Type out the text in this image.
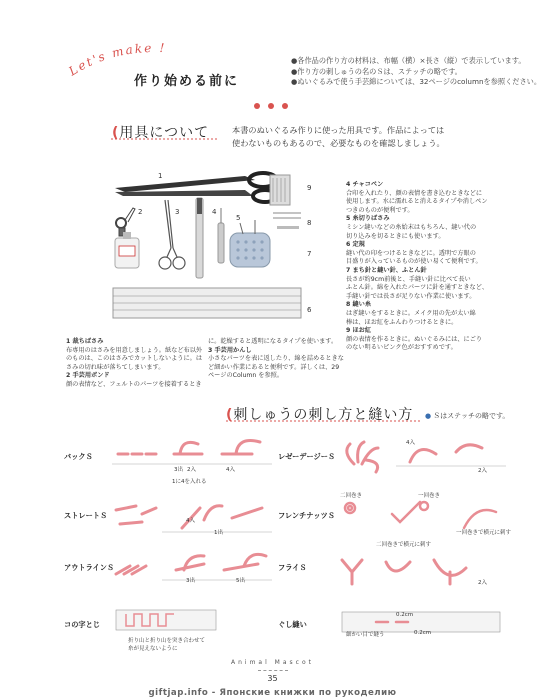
Let's make !
作り始める前に
●各作品の作り方の材料は、布幅（横）×長さ（縦）で表示しています。
●作り方の刺しゅうの名のＳは、ステッチの略です。
●ぬいぐるみで使う手芸綿については、32ページのcolumnを参照ください。
(用具について	本書のぬいぐるみ作りに使った用具です。作品によっては
使わないものもあるので、必要なものを確認しましょう。
1
2	3	4
5
6
7
8
9
1 裁ちばさみ
布専用のはさみを用意しましょう。紙など布以外
のものは、このはさみでカットしないように。は
さみの切れ味が落ちてしまいます。
2 手芸用ボンド
顔の表情など、フェルトのパーツを接着するとき
に。乾燥すると透明になるタイプを使います。
3 手芸用かんし
小さなパーツを表に返したり、綿を詰めるときな
ど細かい作業にあると便利です。詳しくは、29
ページのColumn を参照。
4 チャコペン
合印を入れたり、顔の表情を書き込むときなどに
使用します。水に濡れると消えるタイプや消しペン
つきのものが便利です。
5 糸切りばさみ
ミシン縫いなどの糸始末はもちろん、縫い代の
切り込みを切るときにも使います。
6 定規
縫い代の印をつけるときなどに。透明で方眼の
目盛りが入っているものが使い易くて便利です。
7 まち針と縫い針、ふとん針
長さが約9cm前後と、手縫い針に比べて長い
ふとん針。綿を入れたパーツに針を通すときなど、
手縫い針では長さが足りない作業に使います。
8 縫い糸
はぎ縫いをするときに。メイク用の先が太い綿
棒は、ほお紅をふんわりつけるときに。
9 ほお紅
顔の表情を作るときに。ぬいぐるみには、にごり
のない明るいピンク色がおすすめです。
(刺しゅうの刺し方と縫い方 ● Ｓはステッチの略です。
バックＳ
ストレートＳ
アウトラインＳ
コの字とじ
レゼーデージーＳ
フレンチナッツＳ
フライＳ
ぐし縫い
3出 2入	4入
1に4を入れる
4入
1出
3出	5出
折り山と折り山を突き合わせて
糸が見えないように
4入
2入
二回巻き	一回巻き
二回巻きで横元に刺す
一回巻きで横元に刺す
2入
0.2cm
0.2cm
細かい目で縫う
Animal Mascot
35
giftjap.info - Японские книжки по рукоделию
